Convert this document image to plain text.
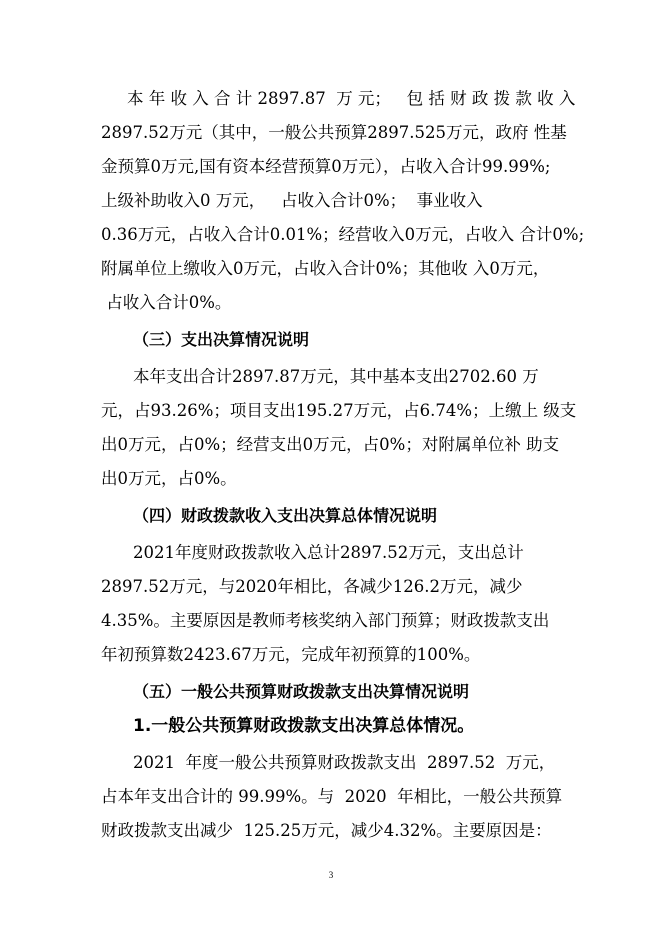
本 年 收 入 合 计 2897.87  万 元；   包 括 财 政 拨 款 收 入
2897.52万元（其中，一般公共预算2897.525万元，政府 性基
金预算0万元,国有资本经营预算0万元），占收入合计99.99%;
上级补助收入0 万元，   占收入合计0%；  事业收入
0.36万元，占收入合计0.01%；经营收入0万元，占收入 合计0%;
附属单位上缴收入0万元，占收入合计0%；其他收 入0万元，
占收入合计0%。
（三）支出决算情况说明
本年支出合计2897.87万元，其中基本支出2702.60 万
元，占93.26%；项目支出195.27万元，占6.74%；上缴上 级支
出0万元，占0%；经营支出0万元，占0%；对附属单位补 助支
出0万元，占0%。
（四）财政拨款收入支出决算总体情况说明
2021年度财政拨款收入总计2897.52万元，支出总计
2897.52万元，与2020年相比，各减少126.2万元，减少
4.35%。主要原因是教师考核奖纳入部门预算；财政拨款支出
年初预算数2423.67万元，完成年初预算的100%。
（五）一般公共预算财政拨款支出决算情况说明
1.一般公共预算财政拨款支出决算总体情况。
2021  年度一般公共预算财政拨款支出  2897.52  万元，
占本年支出合计的 99.99%。与  2020  年相比，一般公共预算
财政拨款支出减少  125.25万元，减少4.32%。主要原因是：
3
